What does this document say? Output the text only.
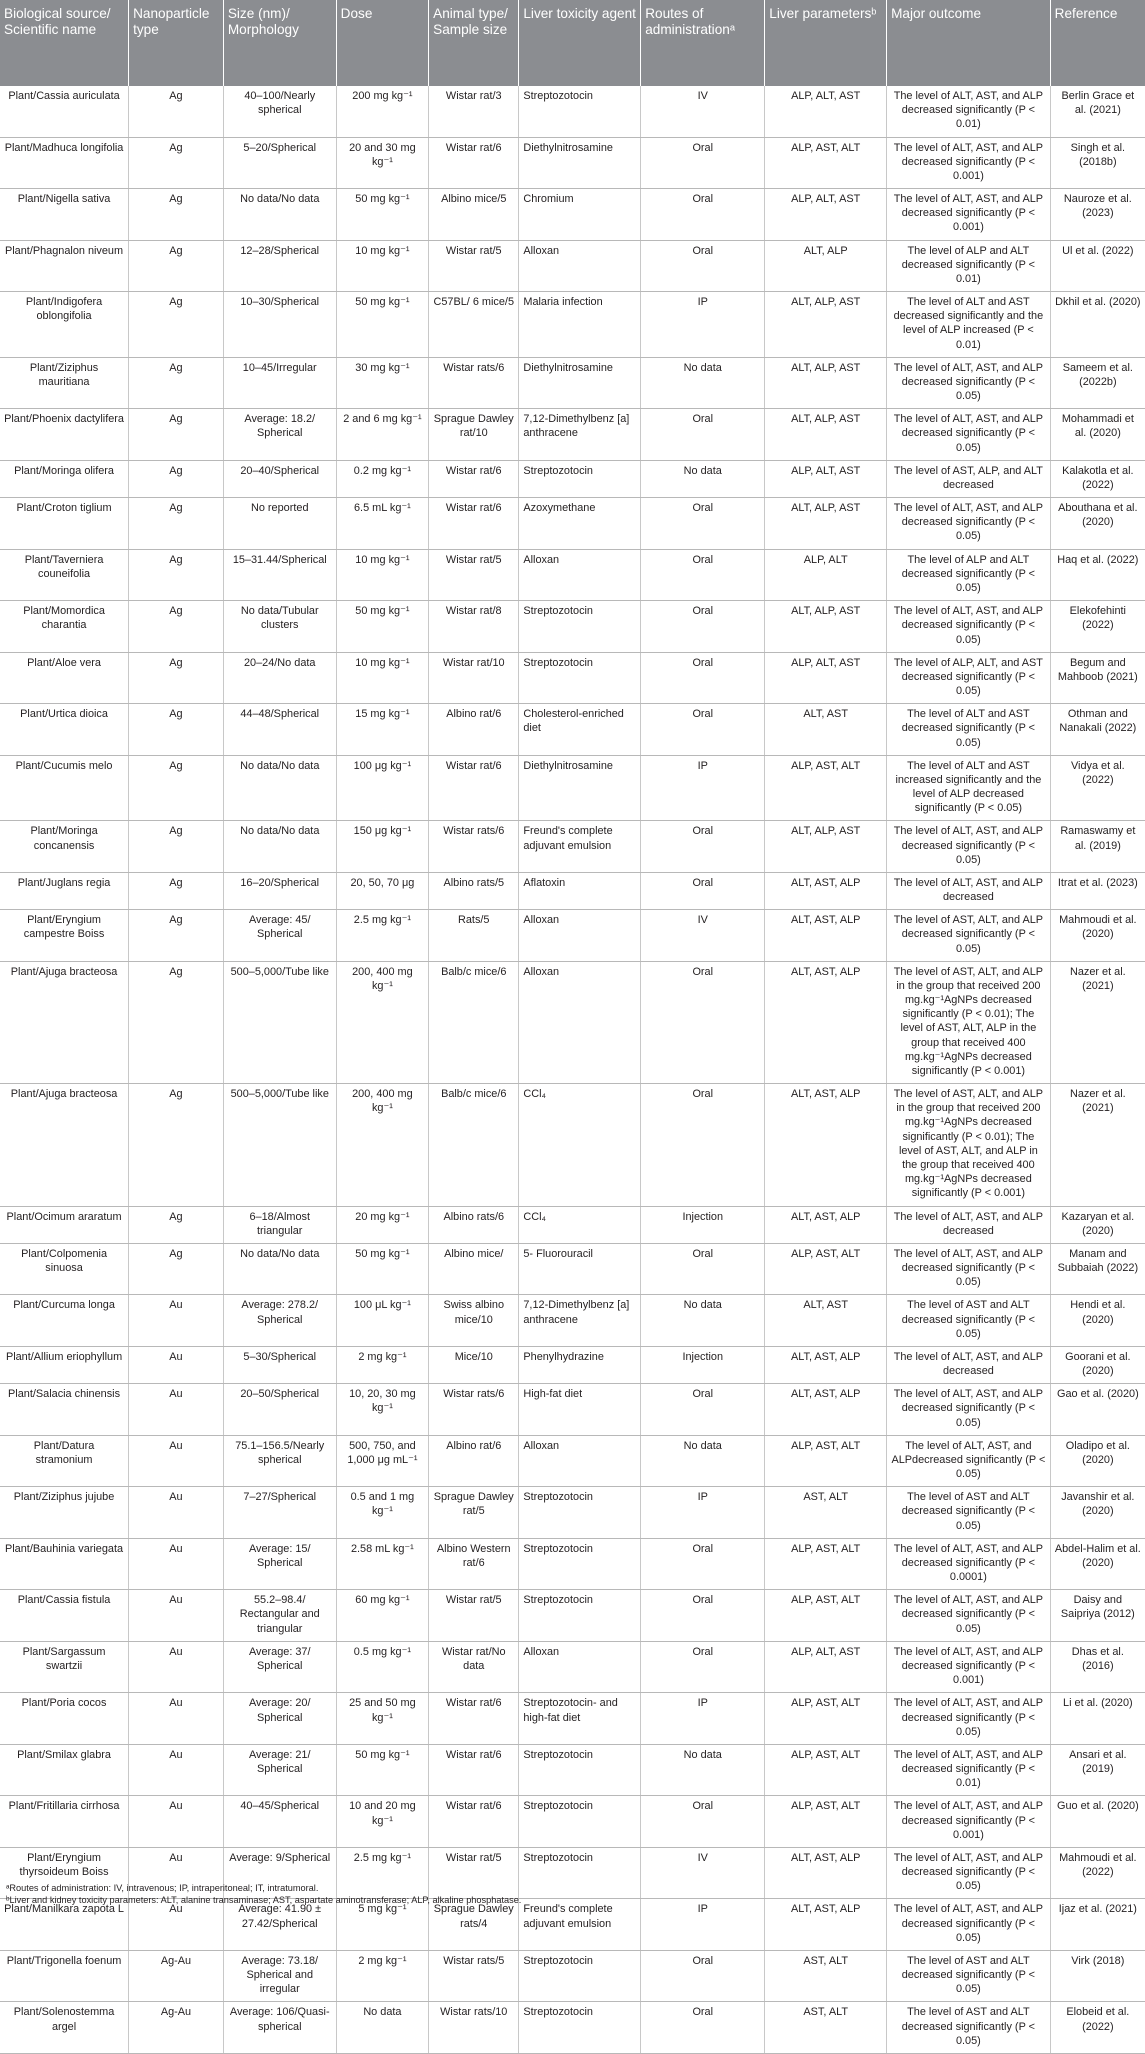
Biological source/ Scientific name	Nanoparticle type	Size (nm)/ Morphology	Dose	Animal type/ Sample size	Liver toxicity agent	Routes of administrationᵃ	Liver parametersᵇ	Major outcome	Reference
Plant/Cassia auriculata	Ag	40–100/Nearly spherical	200 mg kg⁻¹	Wistar rat/3	Streptozotocin	IV	ALP, ALT, AST	The level of ALT, AST, and ALP decreased significantly (P < 0.01)	Berlin Grace et al. (2021)
Plant/Madhuca longifolia	Ag	5–20/Spherical	20 and 30 mg kg⁻¹	Wistar rat/6	Diethylnitrosamine	Oral	ALP, AST, ALT	The level of ALT, AST, and ALP decreased significantly (P < 0.001)	Singh et al. (2018b)
Plant/Nigella sativa	Ag	No data/No data	50 mg kg⁻¹	Albino mice/5	Chromium	Oral	ALP, ALT, AST	The level of ALT, AST, and ALP decreased significantly (P < 0.001)	Nauroze et al. (2023)
Plant/Phagnalon niveum	Ag	12–28/Spherical	10 mg kg⁻¹	Wistar rat/5	Alloxan	Oral	ALT, ALP	The level of ALP and ALT decreased significantly (P < 0.01)	Ul et al. (2022)
Plant/Indigofera oblongifolia	Ag	10–30/Spherical	50 mg kg⁻¹	C57BL/ 6 mice/5	Malaria infection	IP	ALT, ALP, AST	The level of ALT and AST decreased significantly and the level of ALP increased (P < 0.01)	Dkhil et al. (2020)
Plant/Ziziphus mauritiana	Ag	10–45/Irregular	30 mg kg⁻¹	Wistar rats/6	Diethylnitrosamine	No data	ALT, ALP, AST	The level of ALT, AST, and ALP decreased significantly (P < 0.05)	Sameem et al. (2022b)
Plant/Phoenix dactylifera	Ag	Average: 18.2/ Spherical	2 and 6 mg kg⁻¹	Sprague Dawley rat/10	7,12-Dimethylbenz [a] anthracene	Oral	ALT, ALP, AST	The level of ALT, AST, and ALP decreased significantly (P < 0.05)	Mohammadi et al. (2020)
Plant/Moringa olifera	Ag	20–40/Spherical	0.2 mg kg⁻¹	Wistar rat/6	Streptozotocin	No data	ALP, ALT, AST	The level of AST, ALP, and ALT decreased	Kalakotla et al. (2022)
Plant/Croton tiglium	Ag	No reported	6.5 mL kg⁻¹	Wistar rat/6	Azoxymethane	Oral	ALT, ALP, AST	The level of ALT, AST, and ALP decreased significantly (P < 0.05)	Abouthana et al. (2020)
Plant/Taverniera couneifolia	Ag	15–31.44/Spherical	10 mg kg⁻¹	Wistar rat/5	Alloxan	Oral	ALP, ALT	The level of ALP and ALT decreased significantly (P < 0.05)	Haq et al. (2022)
Plant/Momordica charantia	Ag	No data/Tubular clusters	50 mg kg⁻¹	Wistar rat/8	Streptozotocin	Oral	ALT, ALP, AST	The level of ALT, AST, and ALP decreased significantly (P < 0.05)	Elekofehinti (2022)
Plant/Aloe vera	Ag	20–24/No data	10 mg kg⁻¹	Wistar rat/10	Streptozotocin	Oral	ALP, ALT, AST	The level of ALP, ALT, and AST decreased significantly (P < 0.05)	Begum and Mahboob (2021)
Plant/Urtica dioica	Ag	44–48/Spherical	15 mg kg⁻¹	Albino rat/6	Cholesterol-enriched diet	Oral	ALT, AST	The level of ALT and AST decreased significantly (P < 0.05)	Othman and Nanakali (2022)
Plant/Cucumis melo	Ag	No data/No data	100 μg kg⁻¹	Wistar rat/6	Diethylnitrosamine	IP	ALP, AST, ALT	The level of ALT and AST increased significantly and the level of ALP decreased significantly (P < 0.05)	Vidya et al. (2022)
Plant/Moringa concanensis	Ag	No data/No data	150 μg kg⁻¹	Wistar rats/6	Freund's complete adjuvant emulsion	Oral	ALT, ALP, AST	The level of ALT, AST, and ALP decreased significantly (P < 0.05)	Ramaswamy et al. (2019)
Plant/Juglans regia	Ag	16–20/Spherical	20, 50, 70 μg	Albino rats/5	Aflatoxin	Oral	ALT, AST, ALP	The level of ALT, AST, and ALP decreased	Itrat et al. (2023)
Plant/Eryngium campestre Boiss	Ag	Average: 45/ Spherical	2.5 mg kg⁻¹	Rats/5	Alloxan	IV	ALT, AST, ALP	The level of AST, ALT, and ALP decreased significantly (P < 0.05)	Mahmoudi et al. (2020)
Plant/Ajuga bracteosa	Ag	500–5,000/Tube like	200, 400 mg kg⁻¹	Balb/c mice/6	Alloxan	Oral	ALT, AST, ALP	The level of AST, ALT, and ALP in the group that received 200 mg.kg⁻¹AgNPs decreased significantly (P < 0.01); The level of AST, ALT, ALP in the group that received 400 mg.kg⁻¹AgNPs decreased significantly (P < 0.001)	Nazer et al. (2021)
Plant/Ajuga bracteosa	Ag	500–5,000/Tube like	200, 400 mg kg⁻¹	Balb/c mice/6	CCl₄	Oral	ALT, AST, ALP	The level of AST, ALT, and ALP in the group that received 200 mg.kg⁻¹AgNPs decreased significantly (P < 0.01); The level of AST, ALT, and ALP in the group that received 400 mg.kg⁻¹AgNPs decreased significantly (P < 0.001)	Nazer et al. (2021)
Plant/Ocimum araratum	Ag	6–18/Almost triangular	20 mg kg⁻¹	Albino rats/6	CCl₄	Injection	ALT, AST, ALP	The level of ALT, AST, and ALP decreased	Kazaryan et al. (2020)
Plant/Colpomenia sinuosa	Ag	No data/No data	50 mg kg⁻¹	Albino mice/	5- Fluorouracil	Oral	ALP, AST, ALT	The level of ALT, AST, and ALP decreased significantly (P < 0.05)	Manam and Subbaiah (2022)
Plant/Curcuma longa	Au	Average: 278.2/ Spherical	100 μL kg⁻¹	Swiss albino mice/10	7,12-Dimethylbenz [a] anthracene	No data	ALT, AST	The level of AST and ALT decreased significantly (P < 0.05)	Hendi et al. (2020)
Plant/Allium eriophyllum	Au	5–30/Spherical	2 mg kg⁻¹	Mice/10	Phenylhydrazine	Injection	ALT, AST, ALP	The level of ALT, AST, and ALP decreased	Goorani et al. (2020)
Plant/Salacia chinensis	Au	20–50/Spherical	10, 20, 30 mg kg⁻¹	Wistar rats/6	High-fat diet	Oral	ALT, AST, ALP	The level of ALT, AST, and ALP decreased significantly (P < 0.05)	Gao et al. (2020)
Plant/Datura stramonium	Au	75.1–156.5/Nearly spherical	500, 750, and 1,000 μg mL⁻¹	Albino rat/6	Alloxan	No data	ALP, AST, ALT	The level of ALT, AST, and ALPdecreased significantly (P < 0.05)	Oladipo et al. (2020)
Plant/Ziziphus jujube	Au	7–27/Spherical	0.5 and 1 mg kg⁻¹	Sprague Dawley rat/5	Streptozotocin	IP	AST, ALT	The level of AST and ALT decreased significantly (P < 0.05)	Javanshir et al. (2020)
Plant/Bauhinia variegata	Au	Average: 15/ Spherical	2.58 mL kg⁻¹	Albino Western rat/6	Streptozotocin	Oral	ALP, AST, ALT	The level of ALT, AST, and ALP decreased significantly (P < 0.0001)	Abdel-Halim et al. (2020)
Plant/Cassia fistula	Au	55.2–98.4/ Rectangular and triangular	60 mg kg⁻¹	Wistar rat/5	Streptozotocin	Oral	ALP, AST, ALT	The level of ALT, AST, and ALP decreased significantly (P < 0.05)	Daisy and Saipriya (2012)
Plant/Sargassum swartzii	Au	Average: 37/ Spherical	0.5 mg kg⁻¹	Wistar rat/No data	Alloxan	Oral	ALP, ALT, AST	The level of ALT, AST, and ALP decreased significantly (P < 0.001)	Dhas et al. (2016)
Plant/Poria cocos	Au	Average: 20/ Spherical	25 and 50 mg kg⁻¹	Wistar rat/6	Streptozotocin- and high-fat diet	IP	ALP, AST, ALT	The level of ALT, AST, and ALP decreased significantly (P < 0.05)	Li et al. (2020)
Plant/Smilax glabra	Au	Average: 21/ Spherical	50 mg kg⁻¹	Wistar rat/6	Streptozotocin	No data	ALP, AST, ALT	The level of ALT, AST, and ALP decreased significantly (P < 0.01)	Ansari et al. (2019)
Plant/Fritillaria cirrhosa	Au	40–45/Spherical	10 and 20 mg kg⁻¹	Wistar rat/6	Streptozotocin	Oral	ALP, AST, ALT	The level of ALT, AST, and ALP decreased significantly (P < 0.001)	Guo et al. (2020)
Plant/Eryngium thyrsoideum Boiss	Au	Average: 9/Spherical	2.5 mg kg⁻¹	Wistar rat/5	Streptozotocin	IV	ALT, AST, ALP	The level of ALT, AST, and ALP decreased significantly (P < 0.05)	Mahmoudi et al. (2022)
Plant/Manilkara zapota L	Au	Average: 41.90 ± 27.42/Spherical	5 mg kg⁻¹	Sprague Dawley rats/4	Freund's complete adjuvant emulsion	IP	ALT, AST, ALP	The level of ALT, AST, and ALP decreased significantly (P < 0.05)	Ijaz et al. (2021)
Plant/Trigonella foenum	Ag-Au	Average: 73.18/ Spherical and irregular	2 mg kg⁻¹	Wistar rats/5	Streptozotocin	Oral	AST, ALT	The level of AST and ALT decreased significantly (P < 0.05)	Virk (2018)
Plant/Solenostemma argel	Ag-Au	Average: 106/Quasi-spherical	No data	Wistar rats/10	Streptozotocin	Oral	AST, ALT	The level of AST and ALT decreased significantly (P < 0.05)	Elobeid et al. (2022)
ᵃRoutes of administration: IV, intravenous; IP, intraperitoneal; IT, intratumoral.
ᵇLiver and kidney toxicity parameters: ALT, alanine transaminase; AST, aspartate aminotransferase; ALP, alkaline phosphatase.
